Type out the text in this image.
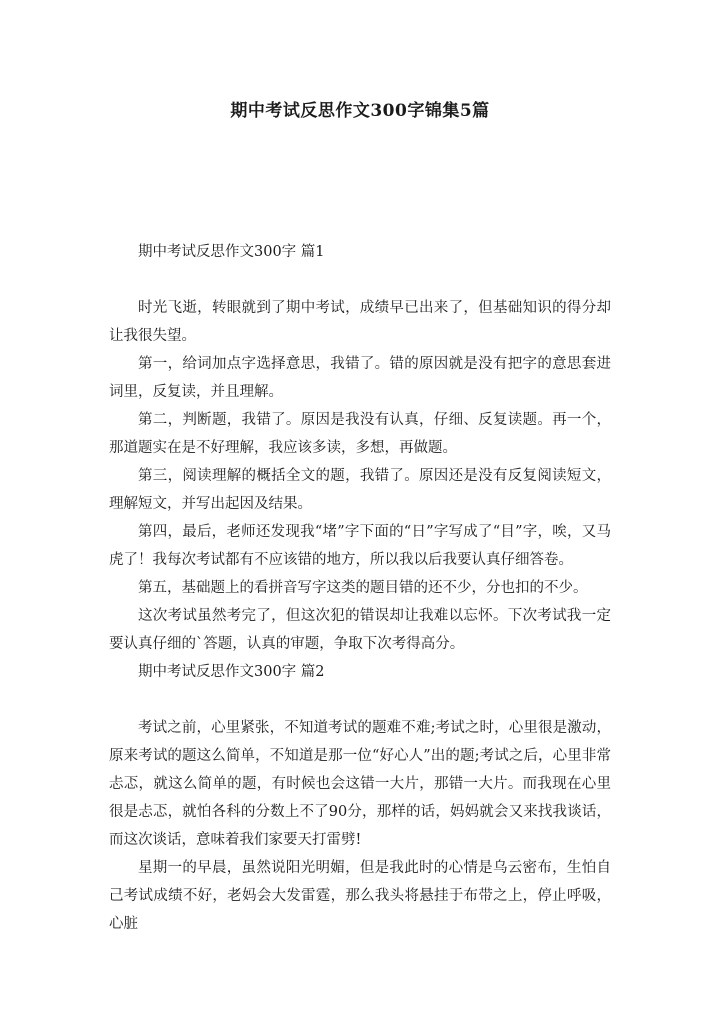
期中考试反思作文300字锦集5篇

期中考试反思作文300字 篇1

时光飞逝，转眼就到了期中考试，成绩早已出来了，但基础知识的得分却让我很失望。

第一，给词加点字选择意思，我错了。错的原因就是没有把字的意思套进词里，反复读，并且理解。

第二，判断题，我错了。原因是我没有认真，仔细、反复读题。再一个，那道题实在是不好理解，我应该多读，多想，再做题。

第三，阅读理解的概括全文的题，我错了。原因还是没有反复阅读短文，理解短文，并写出起因及结果。

第四，最后，老师还发现我“堵”字下面的“日”字写成了“目”字，唉，又马虎了！我每次考试都有不应该错的地方，所以我以后我要认真仔细答卷。

第五，基础题上的看拼音写字这类的题目错的还不少，分也扣的不少。

这次考试虽然考完了，但这次犯的错误却让我难以忘怀。下次考试我一定要认真仔细的`答题，认真的审题，争取下次考得高分。

期中考试反思作文300字 篇2

考试之前，心里紧张，不知道考试的题难不难;考试之时，心里很是激动，原来考试的题这么简单，不知道是那一位“好心人”出的题;考试之后，心里非常忐忑，就这么简单的题，有时候也会这错一大片，那错一大片。而我现在心里很是忐忑，就怕各科的分数上不了90分，那样的话，妈妈就会又来找我谈话，而这次谈话，意味着我们家要天打雷劈!

星期一的早晨，虽然说阳光明媚，但是我此时的心情是乌云密布，生怕自己考试成绩不好，老妈会大发雷霆，那么我头将悬挂于布带之上，停止呼吸，心脏
